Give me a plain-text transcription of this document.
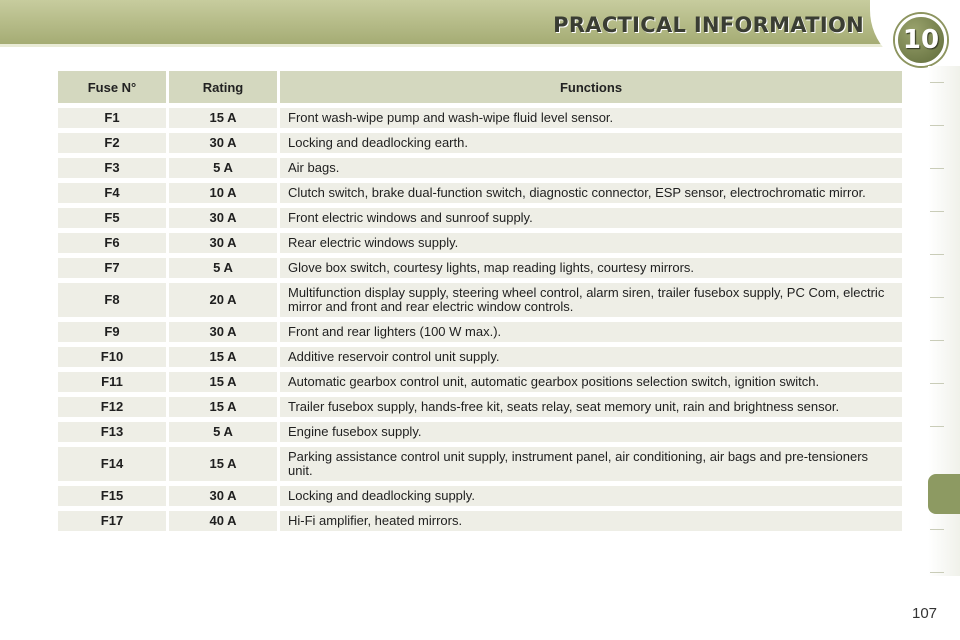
PRACTICAL INFORMATION	10
Fuse N°	Rating	Functions
F1	15 A	Front wash-wipe pump and wash-wipe fluid level sensor.
F2	30 A	Locking and deadlocking earth.
F3	5 A	Air bags.
F4	10 A	Clutch switch, brake dual-function switch, diagnostic connector, ESP sensor, electrochromatic mirror.
F5	30 A	Front electric windows and sunroof supply.
F6	30 A	Rear electric windows supply.
F7	5 A	Glove box switch, courtesy lights, map reading lights, courtesy mirrors.
F8	20 A	Multifunction display supply, steering wheel control, alarm siren, trailer fusebox supply, PC Com, electric mirror and front and rear electric window controls.
F9	30 A	Front and rear lighters (100 W max.).
F10	15 A	Additive reservoir control unit supply.
F11	15 A	Automatic gearbox control unit, automatic gearbox positions selection switch, ignition switch.
F12	15 A	Trailer fusebox supply, hands-free kit, seats relay, seat memory unit, rain and brightness sensor.
F13	5 A	Engine fusebox supply.
F14	15 A	Parking assistance control unit supply, instrument panel, air conditioning, air bags and pre-tensioners unit.
F15	30 A	Locking and deadlocking supply.
F17	40 A	Hi-Fi amplifier, heated mirrors.
107
